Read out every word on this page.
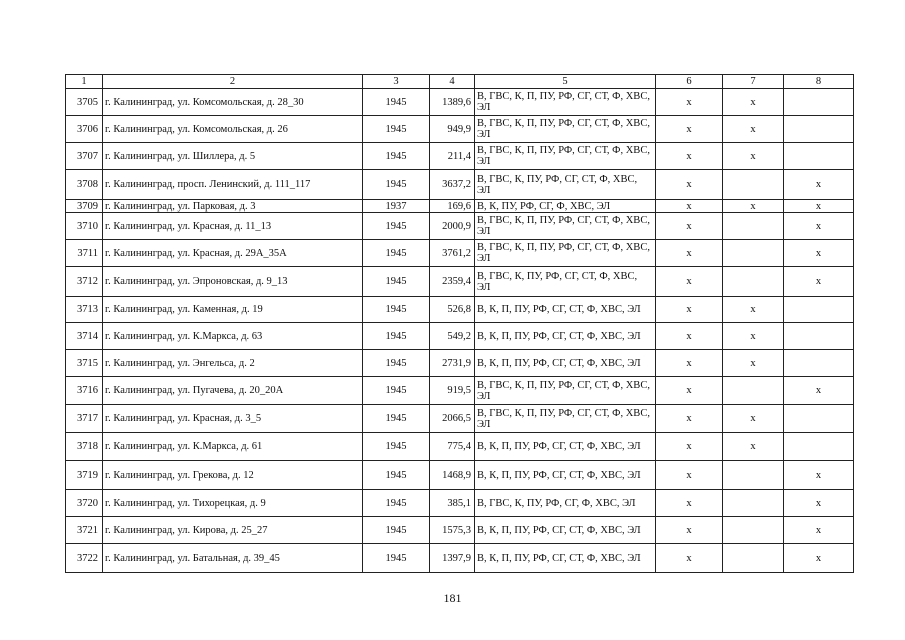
1	2	3	4	5	6	7	8
3705	г. Калининград, ул. Комсомольская, д. 28_30	1945	1389,6	В, ГВС, К, П, ПУ, РФ, СГ, СТ, Ф, ХВС, ЭЛ	x	x	
3706	г. Калининград, ул. Комсомольская, д. 26	1945	949,9	В, ГВС, К, П, ПУ, РФ, СГ, СТ, Ф, ХВС, ЭЛ	x	x	
3707	г. Калининград, ул. Шиллера, д. 5	1945	211,4	В, ГВС, К, П, ПУ, РФ, СГ, СТ, Ф, ХВС, ЭЛ	x	x	
3708	г. Калининград, просп. Ленинский, д. 111_117	1945	3637,2	В, ГВС, К, ПУ, РФ, СГ, СТ, Ф, ХВС, ЭЛ	x		x
3709	г. Калининград, ул. Парковая, д. 3	1937	169,6	В, К, ПУ, РФ, СГ, Ф, ХВС, ЭЛ	x	x	x
3710	г. Калининград, ул. Красная, д. 11_13	1945	2000,9	В, ГВС, К, П, ПУ, РФ, СГ, СТ, Ф, ХВС, ЭЛ	x		x
3711	г. Калининград, ул. Красная, д. 29А_35А	1945	3761,2	В, ГВС, К, П, ПУ, РФ, СГ, СТ, Ф, ХВС, ЭЛ	x		x
3712	г. Калининград, ул. Эпроновская, д. 9_13	1945	2359,4	В, ГВС, К, ПУ, РФ, СГ, СТ, Ф, ХВС, ЭЛ	x		x
3713	г. Калининград, ул. Каменная, д. 19	1945	526,8	В, К, П, ПУ, РФ, СГ, СТ, Ф, ХВС, ЭЛ	x	x	
3714	г. Калининград, ул. К.Маркса, д. 63	1945	549,2	В, К, П, ПУ, РФ, СГ, СТ, Ф, ХВС, ЭЛ	x	x	
3715	г. Калининград, ул. Энгельса, д. 2	1945	2731,9	В, К, П, ПУ, РФ, СГ, СТ, Ф, ХВС, ЭЛ	x	x	
3716	г. Калининград, ул. Пугачева, д. 20_20А	1945	919,5	В, ГВС, К, П, ПУ, РФ, СГ, СТ, Ф, ХВС, ЭЛ	x		x
3717	г. Калининград, ул. Красная, д. 3_5	1945	2066,5	В, ГВС, К, П, ПУ, РФ, СГ, СТ, Ф, ХВС, ЭЛ	x	x	
3718	г. Калининград, ул. К.Маркса, д. 61	1945	775,4	В, К, П, ПУ, РФ, СГ, СТ, Ф, ХВС, ЭЛ	x	x	
3719	г. Калининград, ул. Грекова, д. 12	1945	1468,9	В, К, П, ПУ, РФ, СГ, СТ, Ф, ХВС, ЭЛ	x		x
3720	г. Калининград, ул. Тихорецкая, д. 9	1945	385,1	В, ГВС, К, ПУ, РФ, СГ, Ф, ХВС, ЭЛ	x		x
3721	г. Калининград, ул. Кирова, д. 25_27	1945	1575,3	В, К, П, ПУ, РФ, СГ, СТ, Ф, ХВС, ЭЛ	x		x
3722	г. Калининград, ул. Батальная, д. 39_45	1945	1397,9	В, К, П, ПУ, РФ, СГ, СТ, Ф, ХВС, ЭЛ	x		x
181
